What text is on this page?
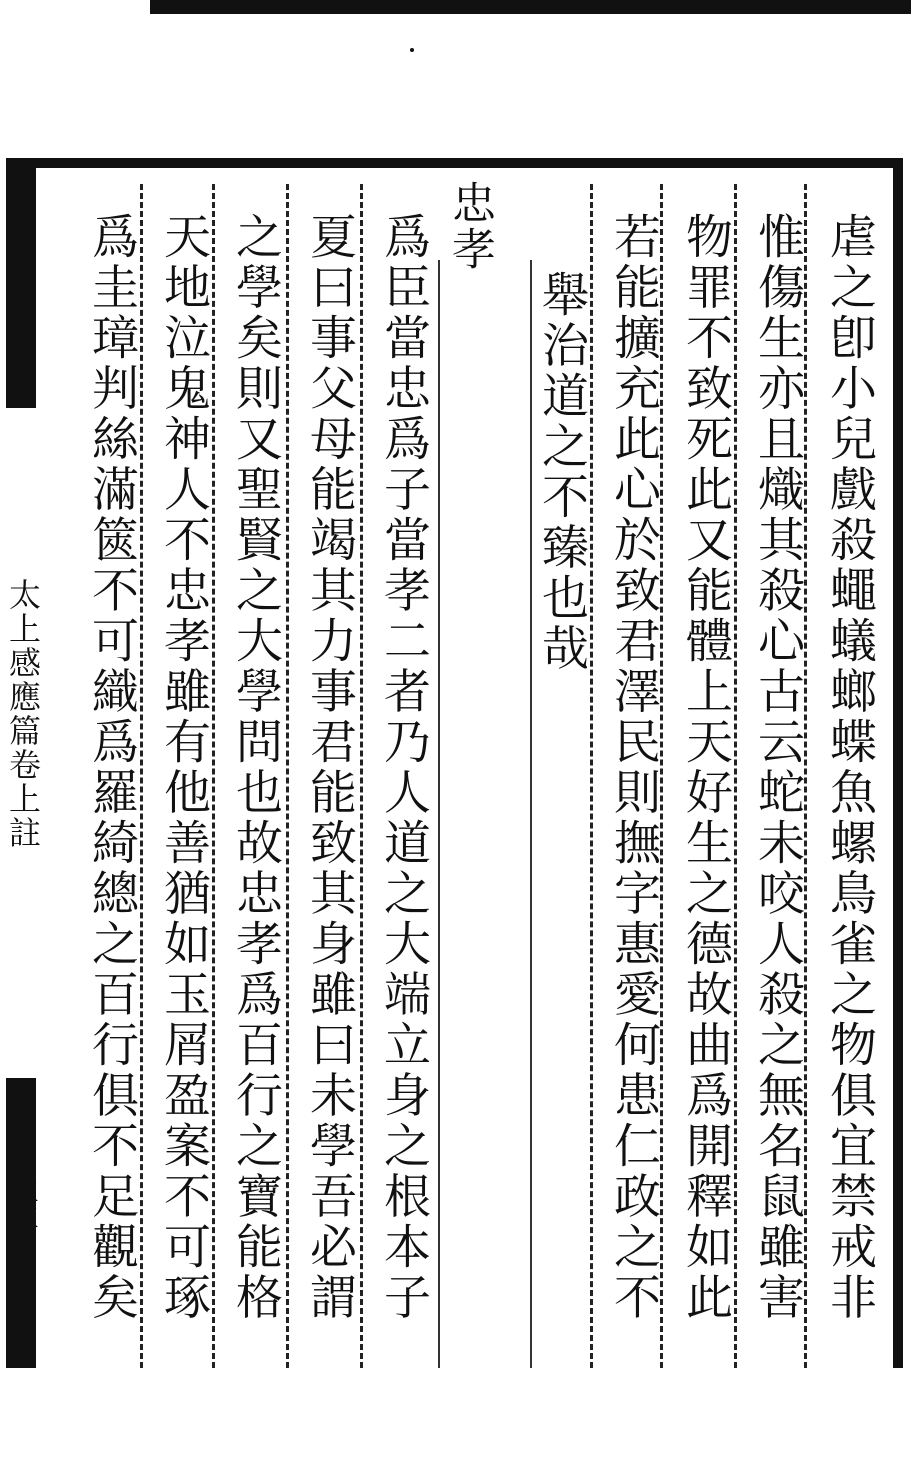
太上感應篇卷上註
忠孝	虐之卽小兒戲殺蠅蟻螂蝶魚螺鳥雀之物俱宜禁戒非
惟傷生亦且熾其殺心古云蛇未咬人殺之無名鼠雖害
物罪不致死此又能體上天好生之德故曲爲開釋如此
若能擴充此心於致君澤民則撫字惠愛何患仁政之不
舉治道之不臻也哉
爲臣當忠爲子當孝二者乃人道之大端立身之根本子
夏曰事父母能竭其力事君能致其身雖曰未學吾必謂
之學矣則又聖賢之大學問也故忠孝爲百行之寶能格
天地泣鬼神人不忠孝雖有他善猶如玉屑盈案不可琢
爲圭璋判絲滿篋不可織爲羅綺總之百行俱不足觀矣
